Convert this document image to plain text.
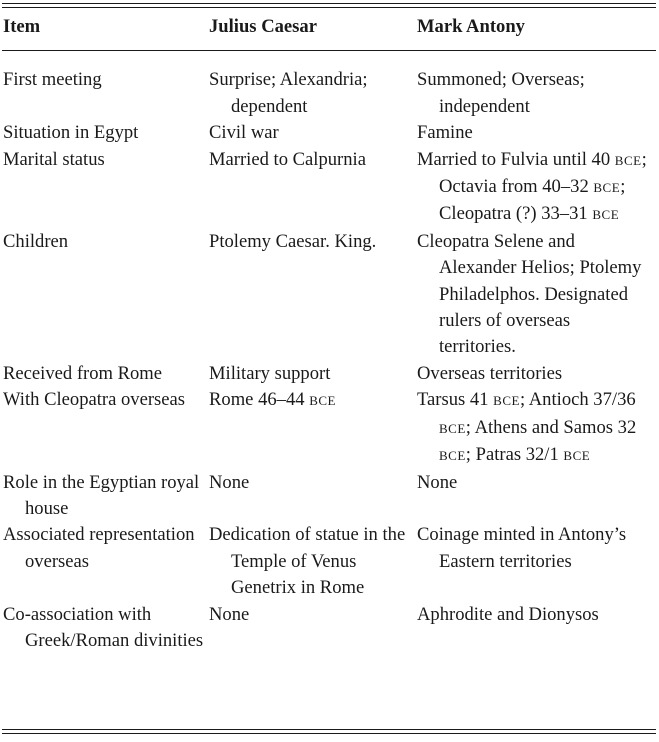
Item	Julius Caesar	Mark Antony

First meeting	Surprise; Alexandria; dependent	Summoned; Overseas; independent

Situation in Egypt	Civil war	Famine

Marital status	Married to Calpurnia	Married to Fulvia until 40 BCE; Octavia from 40–32 BCE; Cleopatra (?) 33–31 BCE

Children	Ptolemy Caesar. King.	Cleopatra Selene and Alexander Helios; Ptolemy Philadelphos. Designated rulers of overseas territories.

Received from Rome	Military support	Overseas territories

With Cleopatra overseas	Rome 46–44 BCE	Tarsus 41 BCE; Antioch 37/36 BCE; Athens and Samos 32 BCE; Patras 32/1 BCE

Role in the Egyptian royal house	None	None

Associated representation overseas	Dedication of statue in the Temple of Venus Genetrix in Rome	Coinage minted in Antony’s Eastern territories

Co-association with Greek/Roman divinities	None	Aphrodite and Dionysos
